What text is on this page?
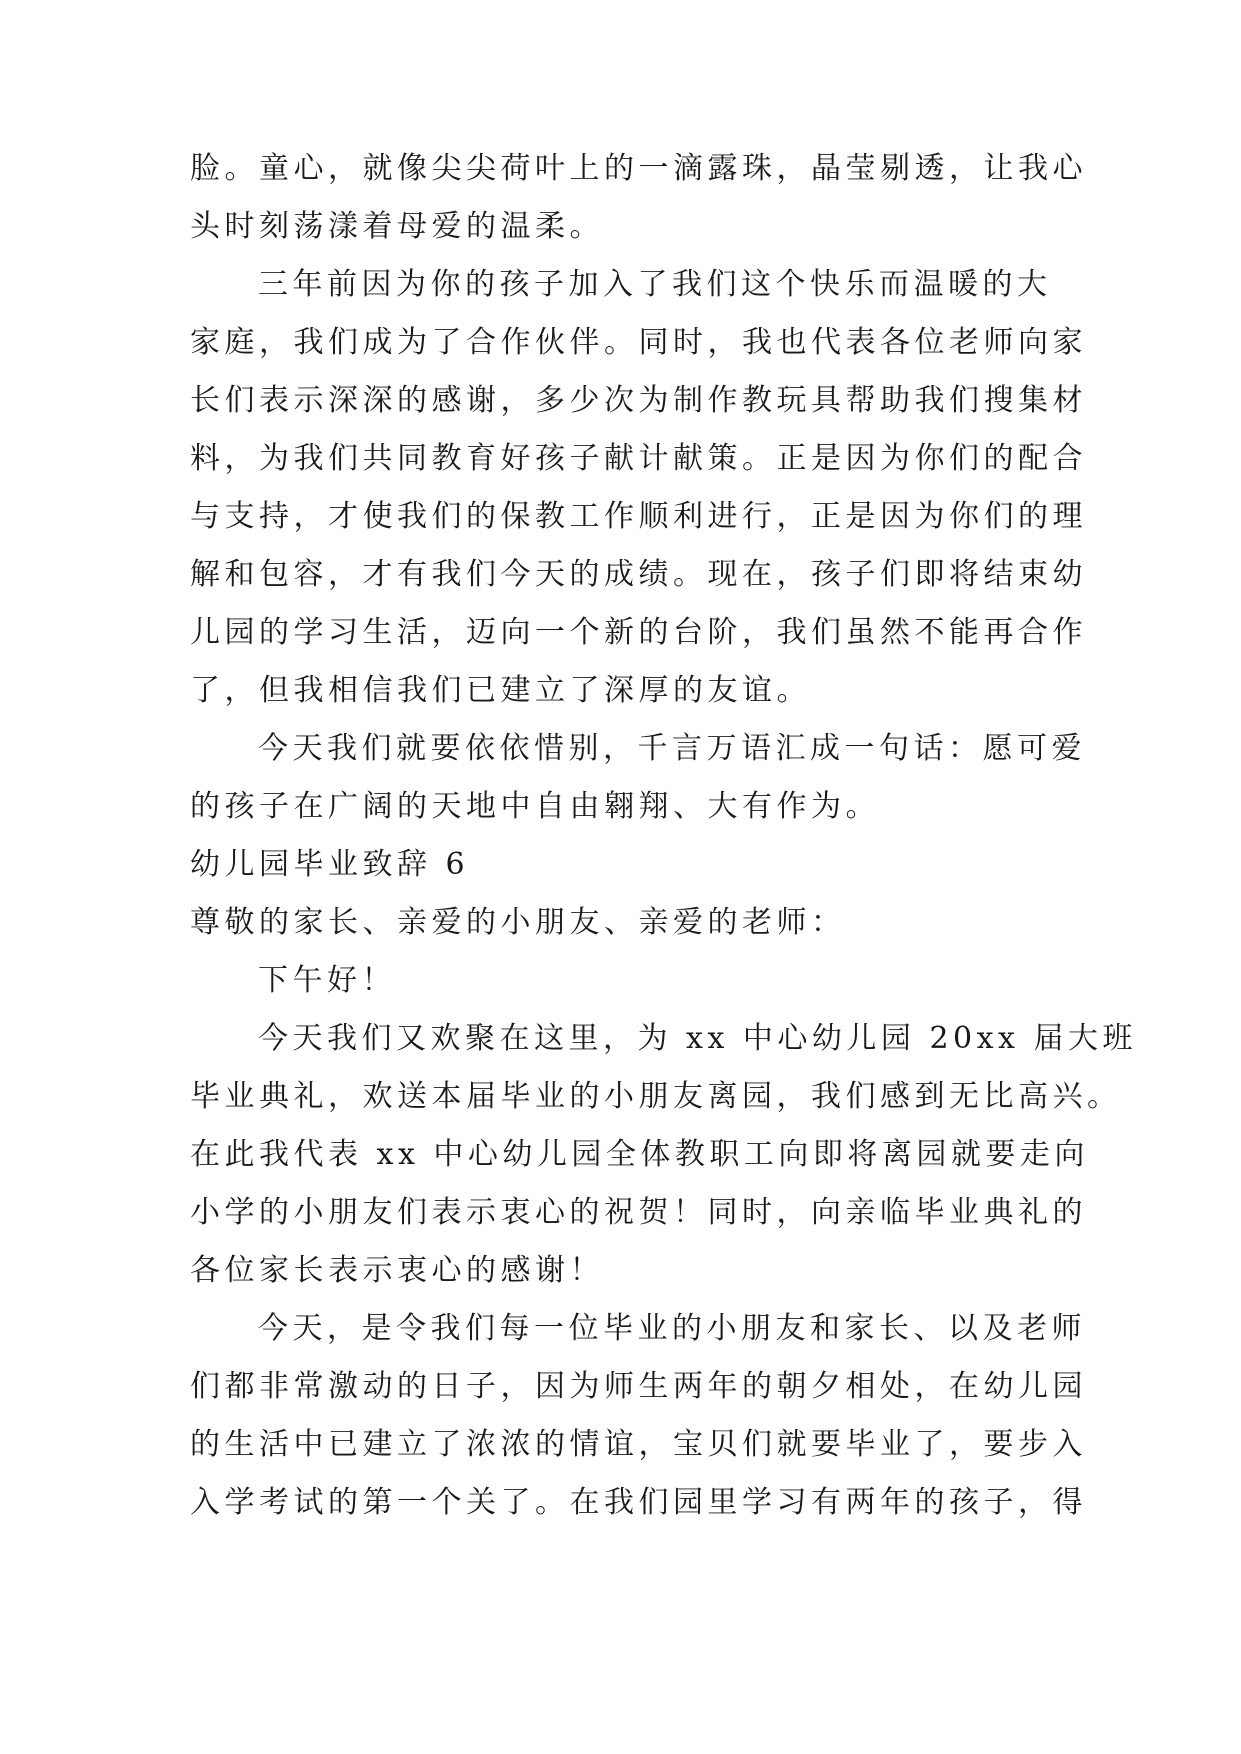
脸。童心，就像尖尖荷叶上的一滴露珠，晶莹剔透，让我心
头时刻荡漾着母爱的温柔。
三年前因为你的孩子加入了我们这个快乐而温暖的大
家庭，我们成为了合作伙伴。同时，我也代表各位老师向家
长们表示深深的感谢，多少次为制作教玩具帮助我们搜集材
料，为我们共同教育好孩子献计献策。正是因为你们的配合
与支持，才使我们的保教工作顺利进行，正是因为你们的理
解和包容，才有我们今天的成绩。现在，孩子们即将结束幼
儿园的学习生活，迈向一个新的台阶，我们虽然不能再合作
了，但我相信我们已建立了深厚的友谊。
今天我们就要依依惜别，千言万语汇成一句话：愿可爱
的孩子在广阔的天地中自由翱翔、大有作为。
幼儿园毕业致辞 6
尊敬的家长、亲爱的小朋友、亲爱的老师：
下午好！
今天我们又欢聚在这里，为 xx 中心幼儿园 20xx 届大班
毕业典礼，欢送本届毕业的小朋友离园，我们感到无比高兴。
在此我代表 xx 中心幼儿园全体教职工向即将离园就要走向
小学的小朋友们表示衷心的祝贺！同时，向亲临毕业典礼的
各位家长表示衷心的感谢！
今天，是令我们每一位毕业的小朋友和家长、以及老师
们都非常激动的日子，因为师生两年的朝夕相处，在幼儿园
的生活中已建立了浓浓的情谊，宝贝们就要毕业了，要步入
入学考试的第一个关了。在我们园里学习有两年的孩子，得
